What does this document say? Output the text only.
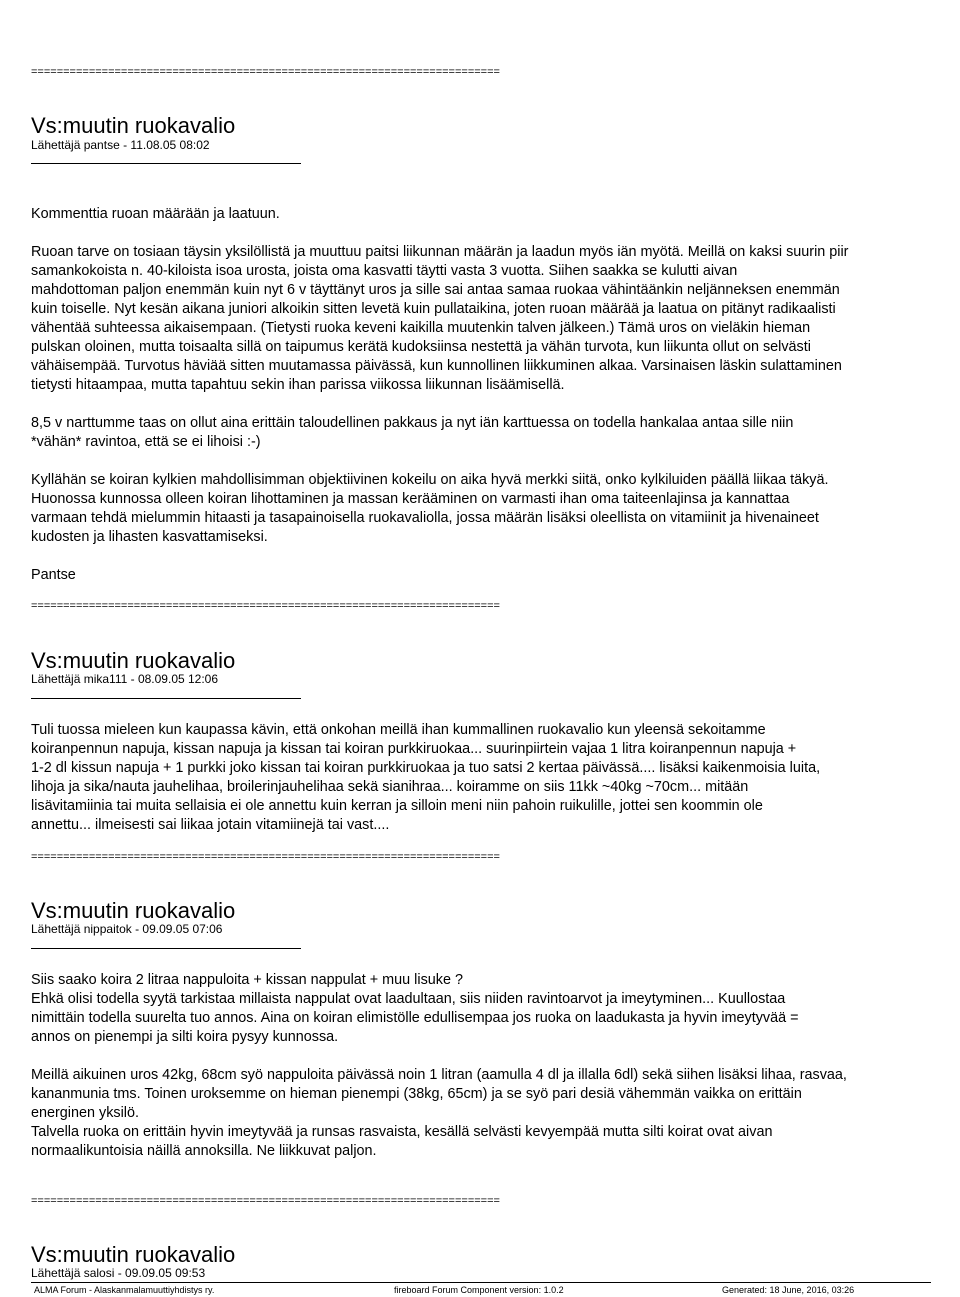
=========================================================================
Vs:muutin ruokavalio
Lähettäjä pantse - 11.08.05 08:02

Kommenttia ruoan määrään ja laatuun.

Ruoan tarve on tosiaan täysin yksilöllistä ja muuttuu paitsi liikunnan määrän ja laadun myös iän myötä. Meillä on kaksi suurin piir
samankokoista n. 40-kiloista isoa urosta, joista oma kasvatti täytti vasta 3 vuotta. Siihen saakka se kulutti aivan
mahdottoman paljon enemmän kuin nyt 6 v täyttänyt uros ja sille sai antaa samaa ruokaa vähintäänkin neljänneksen enemmän
kuin toiselle. Nyt kesän aikana juniori alkoikin sitten levetä kuin pullataikina, joten ruoan määrää ja laatua on pitänyt radikaalisti
vähentää suhteessa aikaisempaan. (Tietysti ruoka keveni kaikilla muutenkin talven jälkeen.) Tämä uros on vieläkin hieman
pulskan oloinen, mutta toisaalta sillä on taipumus kerätä kudoksiinsa nestettä ja vähän turvota, kun liikunta ollut on selvästi
vähäisempää. Turvotus häviää sitten muutamassa päivässä, kun kunnollinen liikkuminen alkaa. Varsinaisen läskin sulattaminen
tietysti hitaampaa, mutta tapahtuu sekin ihan parissa viikossa liikunnan lisäämisellä.

8,5 v narttumme taas on ollut aina erittäin taloudellinen pakkaus ja nyt iän karttuessa on todella hankalaa antaa sille niin
*vähän* ravintoa, että se ei lihoisi :-)

Kyllähän se koiran kylkien mahdollisimman objektiivinen kokeilu on aika hyvä merkki siitä, onko kylkiluiden päällä liikaa täkyä.
Huonossa kunnossa olleen koiran lihottaminen ja massan kerääminen on varmasti ihan oma taiteenlajinsa ja kannattaa
varmaan tehdä mielummin hitaasti ja tasapainoisella ruokavaliolla, jossa määrän lisäksi oleellista on vitamiinit ja hivenaineet
kudosten ja lihasten kasvattamiseksi.

Pantse

=========================================================================
Vs:muutin ruokavalio
Lähettäjä mika111 - 08.09.05 12:06

Tuli tuossa mieleen kun kaupassa kävin, että onkohan meillä ihan kummallinen ruokavalio kun yleensä sekoitamme
koiranpennun napuja, kissan napuja ja kissan tai koiran purkkiruokaa... suurinpiirtein vajaa 1 litra koiranpennun napuja +
1-2 dl kissun napuja + 1 purkki joko kissan tai koiran purkkiruokaa ja tuo satsi 2 kertaa päivässä.... lisäksi kaikenmoisia luita,
lihoja ja sika/nauta jauhelihaa, broilerinjauhelihaa sekä sianihraa... koiramme on siis 11kk ~40kg ~70cm... mitään
lisävitamiinia tai muita sellaisia ei ole annettu kuin kerran ja silloin meni niin pahoin ruikulille, jottei sen koommin ole
annettu... ilmeisesti sai liikaa jotain vitamiinejä tai vast....

=========================================================================
Vs:muutin ruokavalio
Lähettäjä nippaitok - 09.09.05 07:06

Siis saako koira 2 litraa nappuloita + kissan nappulat + muu lisuke ?
Ehkä olisi todella syytä tarkistaa millaista nappulat ovat laadultaan, siis niiden ravintoarvot ja imeytyminen... Kuullostaa
nimittäin todella suurelta tuo annos. Aina on koiran elimistölle edullisempaa jos ruoka on laadukasta ja hyvin imeytyvää =
annos on pienempi ja silti koira pysyy kunnossa.

Meillä aikuinen uros 42kg, 68cm syö nappuloita päivässä noin 1 litran (aamulla 4 dl ja illalla 6dl) sekä siihen lisäksi lihaa, rasvaa,
kananmunia tms. Toinen uroksemme on hieman pienempi (38kg, 65cm) ja se syö pari desiä vähemmän vaikka on erittäin
energinen yksilö.
Talvella ruoka on erittäin hyvin imeytyvää ja runsas rasvaista, kesällä selvästi kevyempää mutta silti koirat ovat aivan
normaalikuntoisia näillä annoksilla. Ne liikkuvat paljon.

=========================================================================
Vs:muutin ruokavalio
Lähettäjä salosi - 09.09.05 09:53
ALMA Forum - Alaskanmalamuuttiyhdistys ry.	fireboard Forum Component version: 1.0.2	Generated: 18 June, 2016, 03:26
